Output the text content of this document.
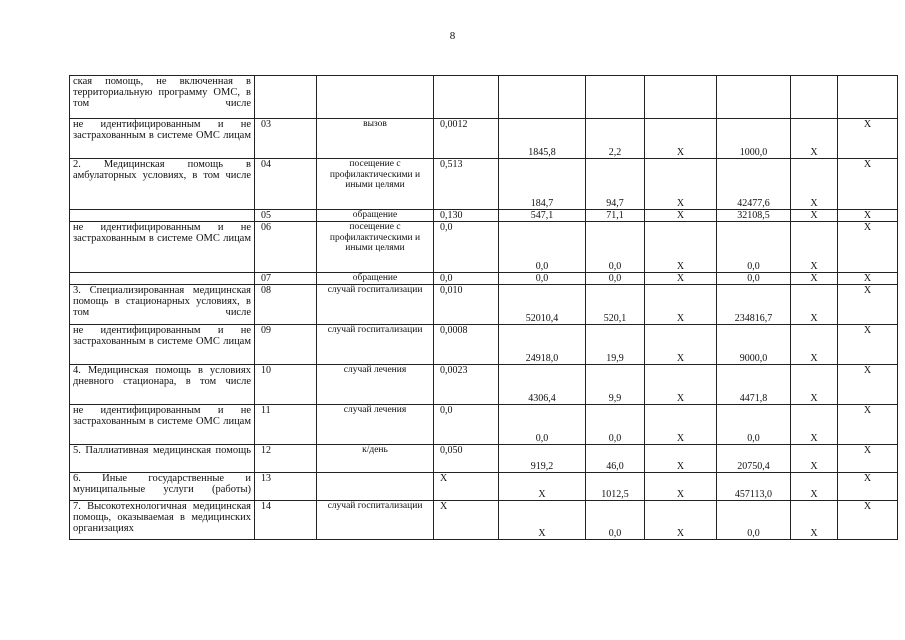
8
ская помощь, не включенная в территориальную программу ОМС, в том числе									
не идентифицированным и не застрахованным в системе ОМС лицам	03	вызов	0,0012	1845,8	2,2	X	1000,0	X	X
2. Медицинская помощь в амбулаторных условиях, в том числе	04	посещение с профилактическими и иными целями	0,513	184,7	94,7	X	42477,6	X	X
	05	обращение	0,130	547,1	71,1	X	32108,5	X	X
не идентифицированным и не застрахованным в системе ОМС лицам	06	посещение с профилактическими и иными целями	0,0	0,0	0,0	X	0,0	X	X
	07	обращение	0,0	0,0	0,0	X	0,0	X	X
3. Специализированная медицинская помощь в стационарных условиях, в том числе	08	случай госпитализации	0,010	52010,4	520,1	X	234816,7	X	X
не идентифицированным и не застрахованным в системе ОМС лицам	09	случай госпитализации	0,0008	24918,0	19,9	X	9000,0	X	X
4. Медицинская помощь в условиях дневного стационара, в том числе	10	случай лечения	0,0023	4306,4	9,9	X	4471,8	X	X
не идентифицированным и не застрахованным в системе ОМС лицам	11	случай лечения	0,0	0,0	0,0	X	0,0	X	X
5. Паллиативная медицинская помощь	12	к/день	0,050	919,2	46,0	X	20750,4	X	X
6. Иные государственные и муниципальные услуги (работы)	13		X	X	1012,5	X	457113,0	X	X
7. Высокотехнологичная медицинская помощь, оказываемая в медицинских организациях	14	случай госпитализации	X	X	0,0	X	0,0	X	X
